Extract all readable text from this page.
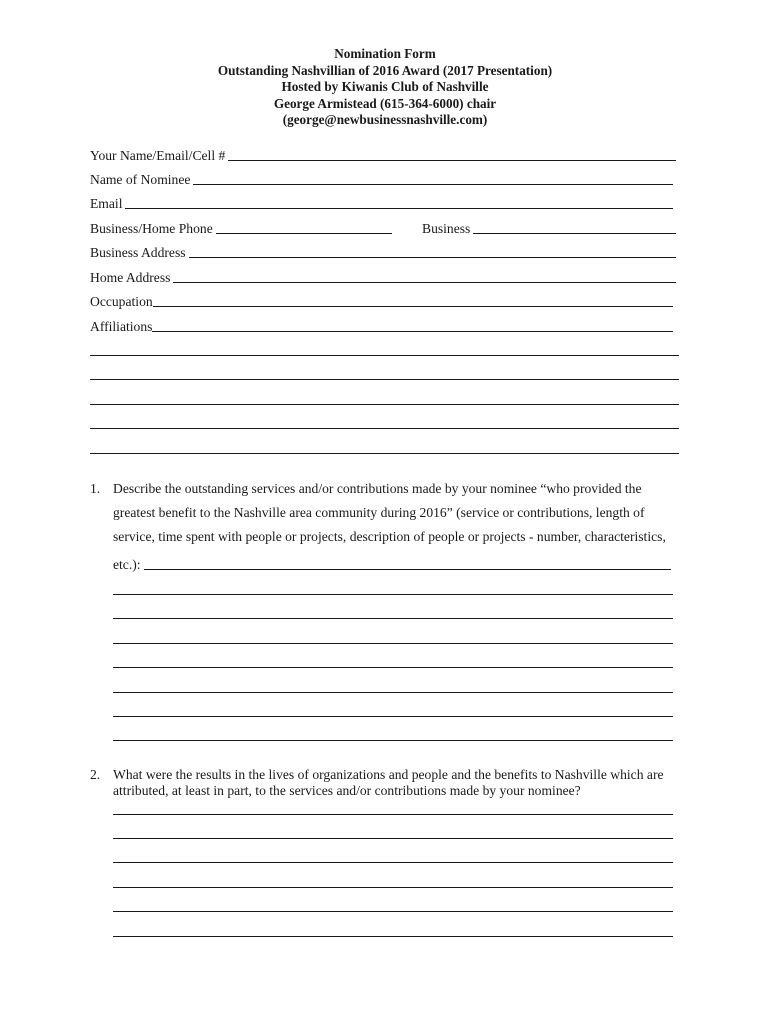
Nomination Form
Outstanding Nashvillian of 2016 Award (2017 Presentation)
Hosted by Kiwanis Club of Nashville
George Armistead (615-364-6000) chair
(george@newbusinessnashville.com)
Your Name/Email/Cell #
Name of Nominee
Email
Business/Home Phone	Business
Business Address
Home Address
Occupation
Affiliations
1. Describe the outstanding services and/or contributions made by your nominee “who provided the
greatest benefit to the Nashville area community during 2016” (service or contributions, length of
service, time spent with people or projects, description of people or projects - number, characteristics,
etc.):
2. What were the results in the lives of organizations and people and the benefits to Nashville which are
attributed, at least in part, to the services and/or contributions made by your nominee?
